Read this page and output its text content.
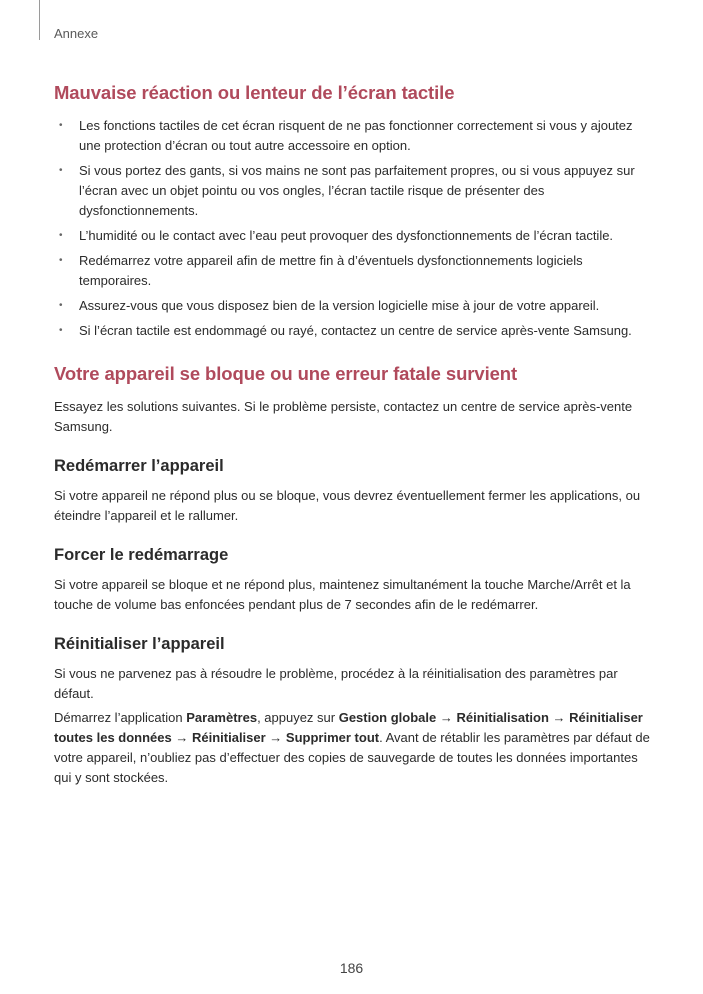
Annexe
Mauvaise réaction ou lenteur de l’écran tactile
• Les fonctions tactiles de cet écran risquent de ne pas fonctionner correctement si vous y ajoutez une protection d’écran ou tout autre accessoire en option.
• Si vous portez des gants, si vos mains ne sont pas parfaitement propres, ou si vous appuyez sur l’écran avec un objet pointu ou vos ongles, l’écran tactile risque de présenter des dysfonctionnements.
• L’humidité ou le contact avec l’eau peut provoquer des dysfonctionnements de l’écran tactile.
• Redémarrez votre appareil afin de mettre fin à d’éventuels dysfonctionnements logiciels temporaires.
• Assurez-vous que vous disposez bien de la version logicielle mise à jour de votre appareil.
• Si l’écran tactile est endommagé ou rayé, contactez un centre de service après-vente Samsung.
Votre appareil se bloque ou une erreur fatale survient

Essayez les solutions suivantes. Si le problème persiste, contactez un centre de service après-vente Samsung.

Redémarrer l’appareil

Si votre appareil ne répond plus ou se bloque, vous devrez éventuellement fermer les applications, ou éteindre l’appareil et le rallumer.

Forcer le redémarrage

Si votre appareil se bloque et ne répond plus, maintenez simultanément la touche Marche/Arrêt et la touche de volume bas enfoncées pendant plus de 7 secondes afin de le redémarrer.

Réinitialiser l’appareil

Si vous ne parvenez pas à résoudre le problème, procédez à la réinitialisation des paramètres par défaut.

Démarrez l’application Paramètres, appuyez sur Gestion globale → Réinitialisation → Réinitialiser toutes les données → Réinitialiser → Supprimer tout. Avant de rétablir les paramètres par défaut de votre appareil, n’oubliez pas d’effectuer des copies de sauvegarde de toutes les données importantes qui y sont stockées.

186
